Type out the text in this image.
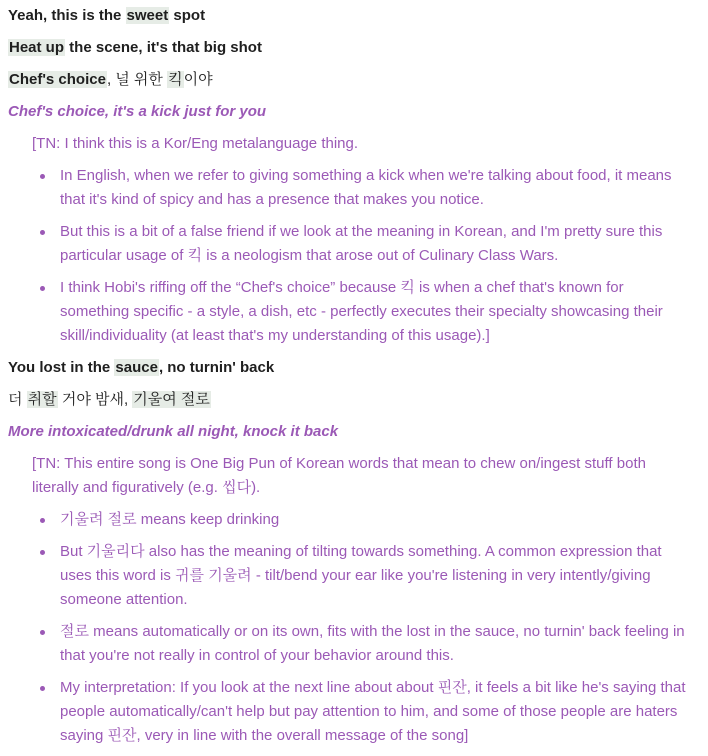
Yeah, this is the sweet spot
Heat up the scene, it's that big shot
Chef's choice, 널 위한 킥이야
Chef's choice, it's a kick just for you
[TN: I think this is a Kor/Eng metalanguage thing.
In English, when we refer to giving something a kick when we're talking about food, it means that it's kind of spicy and has a presence that makes you notice.
But this is a bit of a false friend if we look at the meaning in Korean, and I'm pretty sure this particular usage of 킥 is a neologism that arose out of Culinary Class Wars.
I think Hobi's riffing off the “Chef's choice” because 킥 is when a chef that's known for something specific - a style, a dish, etc - perfectly executes their specialty showcasing their skill/individuality (at least that's my understanding of this usage).]
You lost in the sauce, no turnin' back
더 취할 거야 밤새, 기울여 절로
More intoxicated/drunk all night, knock it back
[TN: This entire song is One Big Pun of Korean words that mean to chew on/ingest stuff both literally and figuratively (e.g. 씹다).
기울려 절로 means keep drinking
But 기울리다 also has the meaning of tilting towards something. A common expression that uses this word is 귀를 기울려 - tilt/bend your ear like you're listening in very intently/giving someone attention.
절로 means automatically or on its own, fits with the lost in the sauce, no turnin' back feeling in that you're not really in control of your behavior around this.
My interpretation: If you look at the next line about about 핀잔, it feels a bit like he's saying that people automatically/can't help but pay attention to him, and some of those people are haters saying 핀잔, very in line with the overall message of the song]
